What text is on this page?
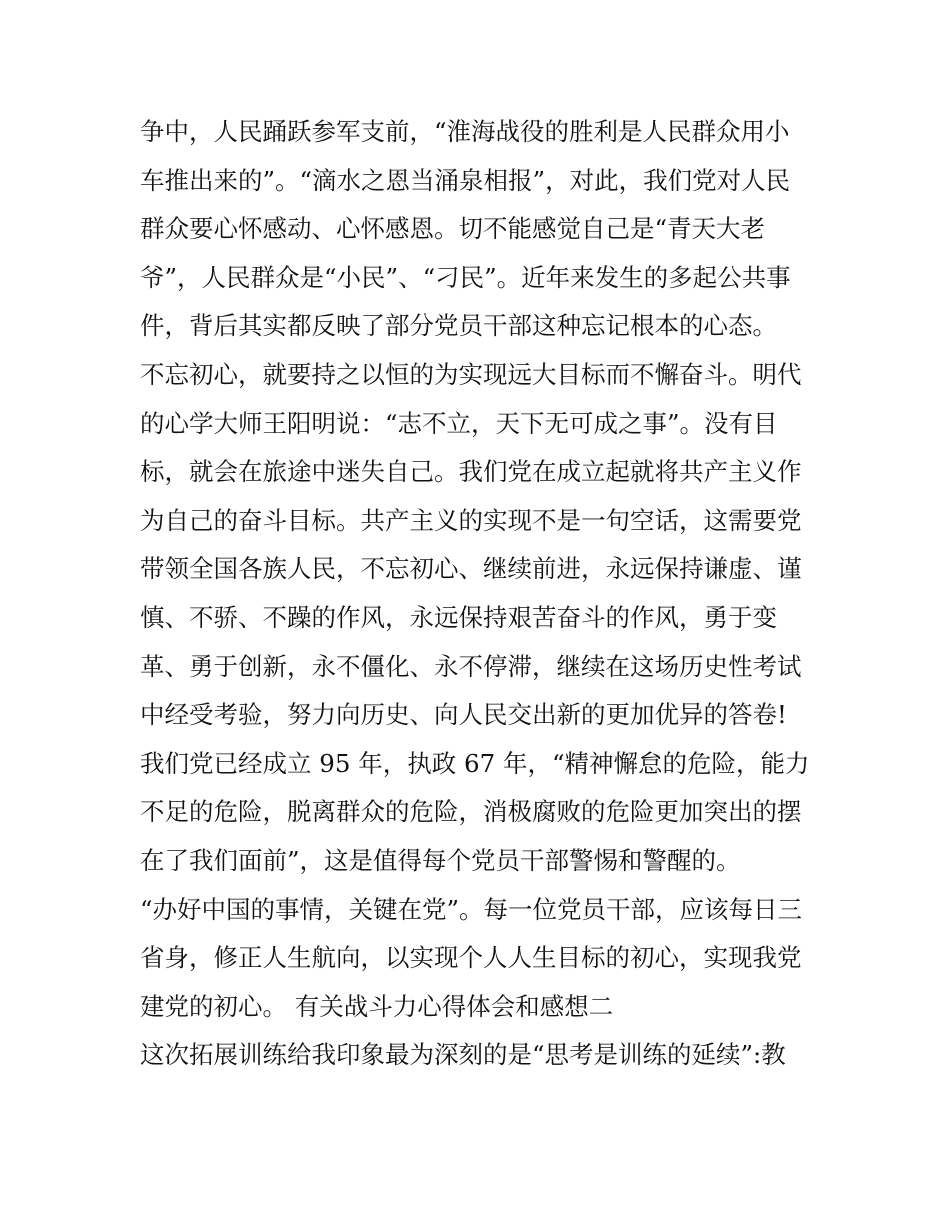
争中，人民踊跃参军支前，“淮海战役的胜利是人民群众用小
车推出来的”。“滴水之恩当涌泉相报”，对此，我们党对人民
群众要心怀感动、心怀感恩。切不能感觉自己是“青天大老
爷”，人民群众是“小民”、“刁民”。近年来发生的多起公共事
件，背后其实都反映了部分党员干部这种忘记根本的心态。
不忘初心，就要持之以恒的为实现远大目标而不懈奋斗。明代
的心学大师王阳明说：“志不立，天下无可成之事”。没有目
标，就会在旅途中迷失自己。我们党在成立起就将共产主义作
为自己的奋斗目标。共产主义的实现不是一句空话，这需要党
带领全国各族人民，不忘初心、继续前进，永远保持谦虚、谨
慎、不骄、不躁的作风，永远保持艰苦奋斗的作风，勇于变
革、勇于创新，永不僵化、永不停滞，继续在这场历史性考试
中经受考验，努力向历史、向人民交出新的更加优异的答卷!
我们党已经成立 95 年，执政 67 年，“精神懈怠的危险，能力
不足的危险，脱离群众的危险，消极腐败的危险更加突出的摆
在了我们面前”，这是值得每个党员干部警惕和警醒的。
“办好中国的事情，关键在党”。每一位党员干部，应该每日三
省身，修正人生航向，以实现个人人生目标的初心，实现我党
建党的初心。 有关战斗力心得体会和感想二
这次拓展训练给我印象最为深刻的是“思考是训练的延续”:教
